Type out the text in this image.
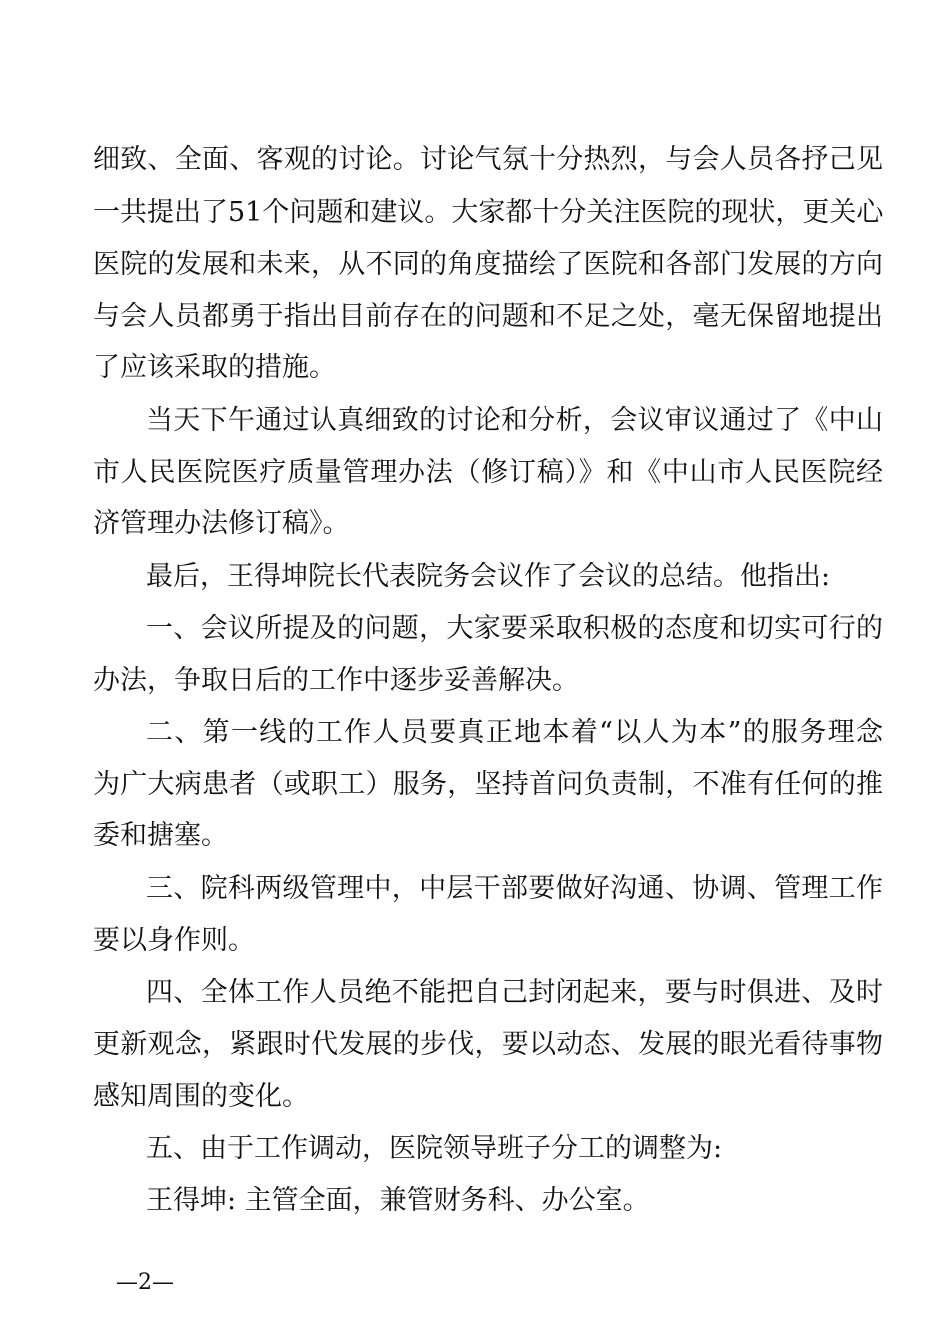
细致、全面、客观的讨论。讨论气氛十分热烈，与会人员各抒己见
一共提出了51个问题和建议。大家都十分关注医院的现状，更关心
医院的发展和未来，从不同的角度描绘了医院和各部门发展的方向
与会人员都勇于指出目前存在的问题和不足之处，毫无保留地提出
了应该采取的措施。
当天下午通过认真细致的讨论和分析，会议审议通过了《中山
市人民医院医疗质量管理办法（修订稿）》和《中山市人民医院经
济管理办法修订稿》。
最后，王得坤院长代表院务会议作了会议的总结。他指出:
一、会议所提及的问题，大家要采取积极的态度和切实可行的
办法，争取日后的工作中逐步妥善解决。
二、第一线的工作人员要真正地本着“以人为本”的服务理念
为广大病患者（或职工）服务，坚持首问负责制，不准有任何的推
委和搪塞。
三、院科两级管理中，中层干部要做好沟通、协调、管理工作
要以身作则。
四、全体工作人员绝不能把自己封闭起来，要与时俱进、及时
更新观念，紧跟时代发展的步伐，要以动态、发展的眼光看待事物
感知周围的变化。
五、由于工作调动，医院领导班子分工的调整为:
王得坤: 主管全面，兼管财务科、办公室。
—2—
